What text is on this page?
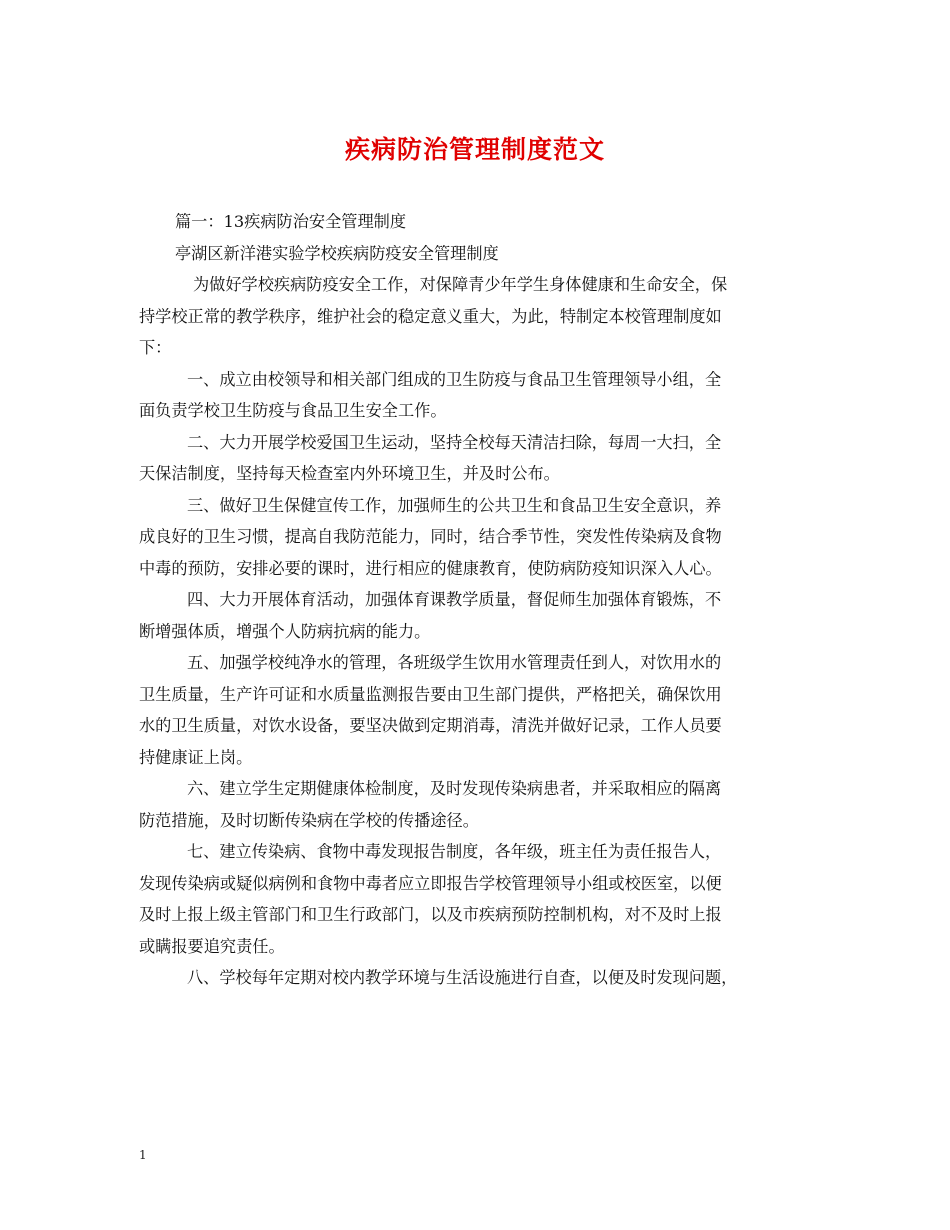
疾病防治管理制度范文
篇一：13疾病防治安全管理制度
亭湖区新洋港实验学校疾病防疫安全管理制度
为做好学校疾病防疫安全工作，对保障青少年学生身体健康和生命安全，保
持学校正常的教学秩序，维护社会的稳定意义重大，为此，特制定本校管理制度如
下：
一、成立由校领导和相关部门组成的卫生防疫与食品卫生管理领导小组，全
面负责学校卫生防疫与食品卫生安全工作。
二、大力开展学校爱国卫生运动，坚持全校每天清洁扫除，每周一大扫，全
天保洁制度，坚持每天检查室内外环境卫生，并及时公布。
三、做好卫生保健宣传工作，加强师生的公共卫生和食品卫生安全意识，养
成良好的卫生习惯，提高自我防范能力，同时，结合季节性，突发性传染病及食物
中毒的预防，安排必要的课时，进行相应的健康教育，使防病防疫知识深入人心。
四、大力开展体育活动，加强体育课教学质量，督促师生加强体育锻炼，不
断增强体质，增强个人防病抗病的能力。
五、加强学校纯净水的管理，各班级学生饮用水管理责任到人，对饮用水的
卫生质量，生产许可证和水质量监测报告要由卫生部门提供，严格把关，确保饮用
水的卫生质量，对饮水设备，要坚决做到定期消毒，清洗并做好记录，工作人员要
持健康证上岗。
六、建立学生定期健康体检制度，及时发现传染病患者，并采取相应的隔离
防范措施，及时切断传染病在学校的传播途径。
七、建立传染病、食物中毒发现报告制度，各年级，班主任为责任报告人，
发现传染病或疑似病例和食物中毒者应立即报告学校管理领导小组或校医室，以便
及时上报上级主管部门和卫生行政部门，以及市疾病预防控制机构，对不及时上报
或瞒报要追究责任。
八、学校每年定期对校内教学环境与生活设施进行自查，以便及时发现问题，
1
